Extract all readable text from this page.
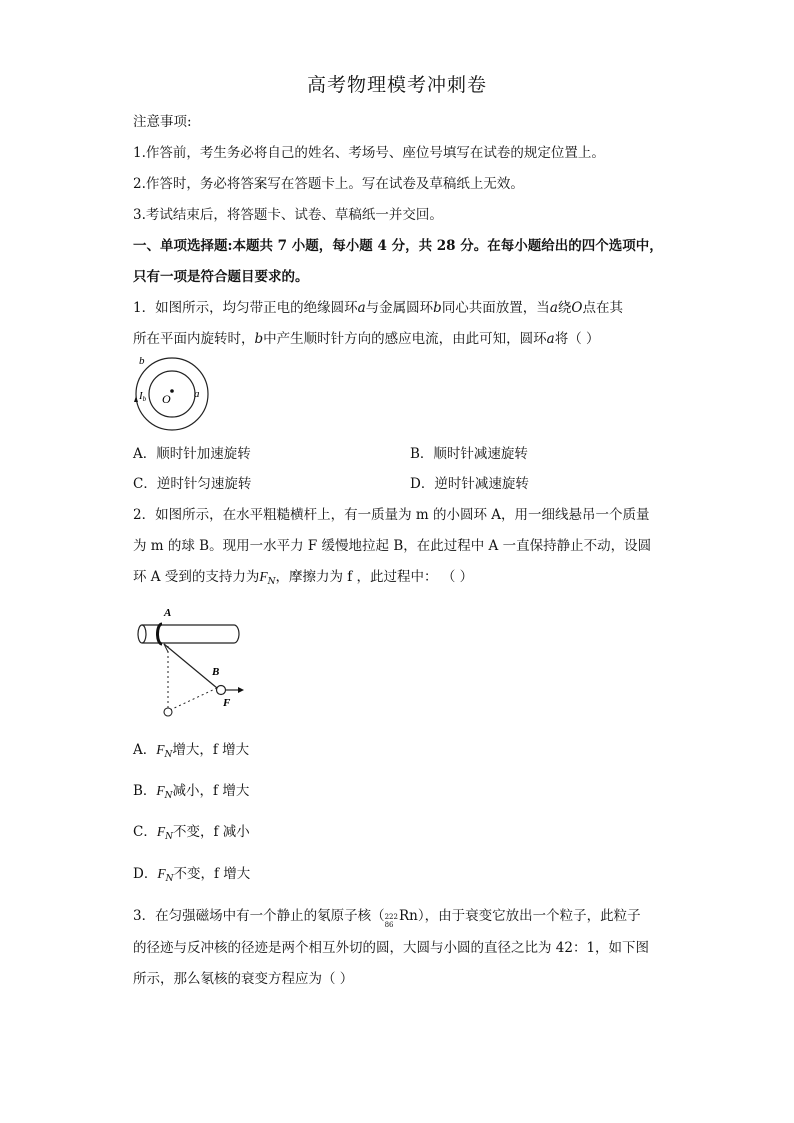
高考物理模考冲刺卷
注意事项:
1.作答前，考生务必将自己的姓名、考场号、座位号填写在试卷的规定位置上。
2.作答时，务必将答案写在答题卡上。写在试卷及草稿纸上无效。
3.考试结束后，将答题卡、试卷、草稿纸一并交回。
一、单项选择题:本题共 7 小题，每小题 4 分，共 28 分。在每小题给出的四个选项中，
只有一项是符合题目要求的。
1．如图所示，均匀带正电的绝缘圆环a与金属圆环b同心共面放置，当a绕O点在其
所在平面内旋转时，b中产生顺时针方向的感应电流，由此可知，圆环a将（ ）
b
Ib O a
A．顺时针加速旋转	B．顺时针减速旋转
C．逆时针匀速旋转	D．逆时针减速旋转
2．如图所示，在水平粗糙横杆上，有一质量为 m 的小圆环 A，用一细线悬吊一个质量
为 m 的球 B。现用一水平力 F 缓慢地拉起 B，在此过程中 A 一直保持静止不动，设圆
环 A 受到的支持力为$F_N$，摩擦力为 f ，此过程中： （ ）
A
B
F
A．$F_N$增大，f 增大
B．$F_N$减小，f 增大
C．$F_N$不变，f 减小
D．$F_N$不变，f 增大
3．在匀强磁场中有一个静止的氡原子核（ 222
86
Rn），由于衰变它放出一个粒子，此粒子
的径迹与反冲核的径迹是两个相互外切的圆，大圆与小圆的直径之比为 42：1，如下图
所示，那么氡核的衰变方程应为（ ）
